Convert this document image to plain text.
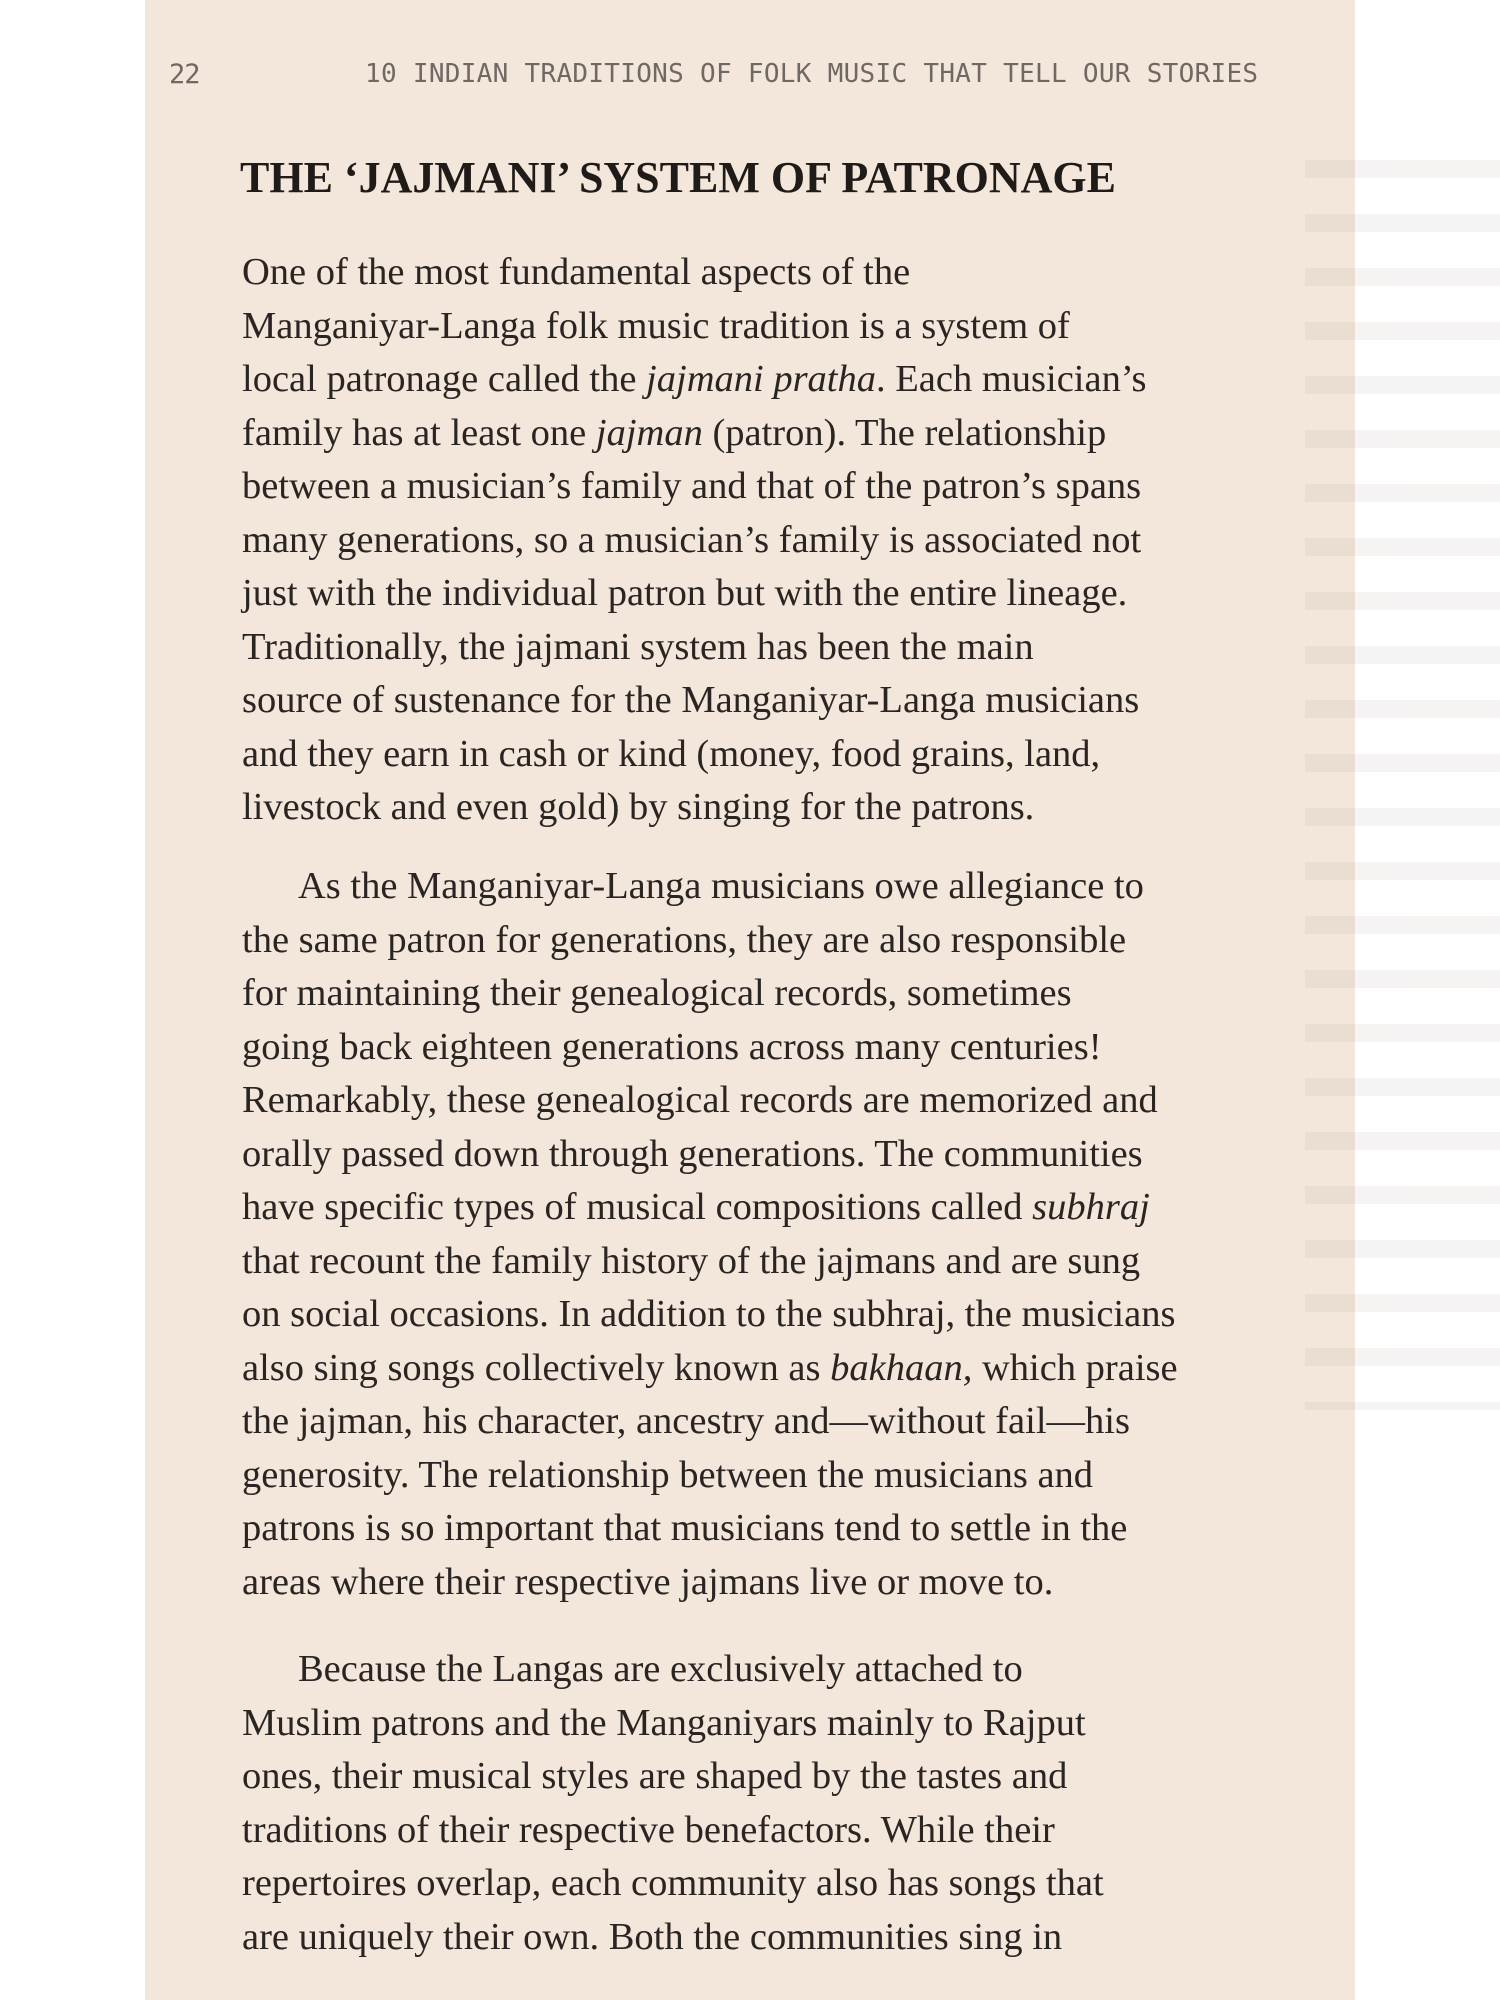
22	10 INDIAN TRADITIONS OF FOLK MUSIC THAT TELL OUR STORIES
THE ‘JAJMANI’ SYSTEM OF PATRONAGE
One of the most fundamental aspects of the
Manganiyar-Langa folk music tradition is a system of
local patronage called the jajmani pratha. Each musician’s
family has at least one jajman (patron). The relationship
between a musician’s family and that of the patron’s spans
many generations, so a musician’s family is associated not
just with the individual patron but with the entire lineage.
Traditionally, the jajmani system has been the main
source of sustenance for the Manganiyar-Langa musicians
and they earn in cash or kind (money, food grains, land,
livestock and even gold) by singing for the patrons.
As the Manganiyar-Langa musicians owe allegiance to
the same patron for generations, they are also responsible
for maintaining their genealogical records, sometimes
going back eighteen generations across many centuries!
Remarkably, these genealogical records are memorized and
orally passed down through generations. The communities
have specific types of musical compositions called subhraj
that recount the family history of the jajmans and are sung
on social occasions. In addition to the subhraj, the musicians
also sing songs collectively known as bakhaan, which praise
the jajman, his character, ancestry and—without fail—his
generosity. The relationship between the musicians and
patrons is so important that musicians tend to settle in the
areas where their respective jajmans live or move to.
Because the Langas are exclusively attached to
Muslim patrons and the Manganiyars mainly to Rajput
ones, their musical styles are shaped by the tastes and
traditions of their respective benefactors. While their
repertoires overlap, each community also has songs that
are uniquely their own. Both the communities sing in
